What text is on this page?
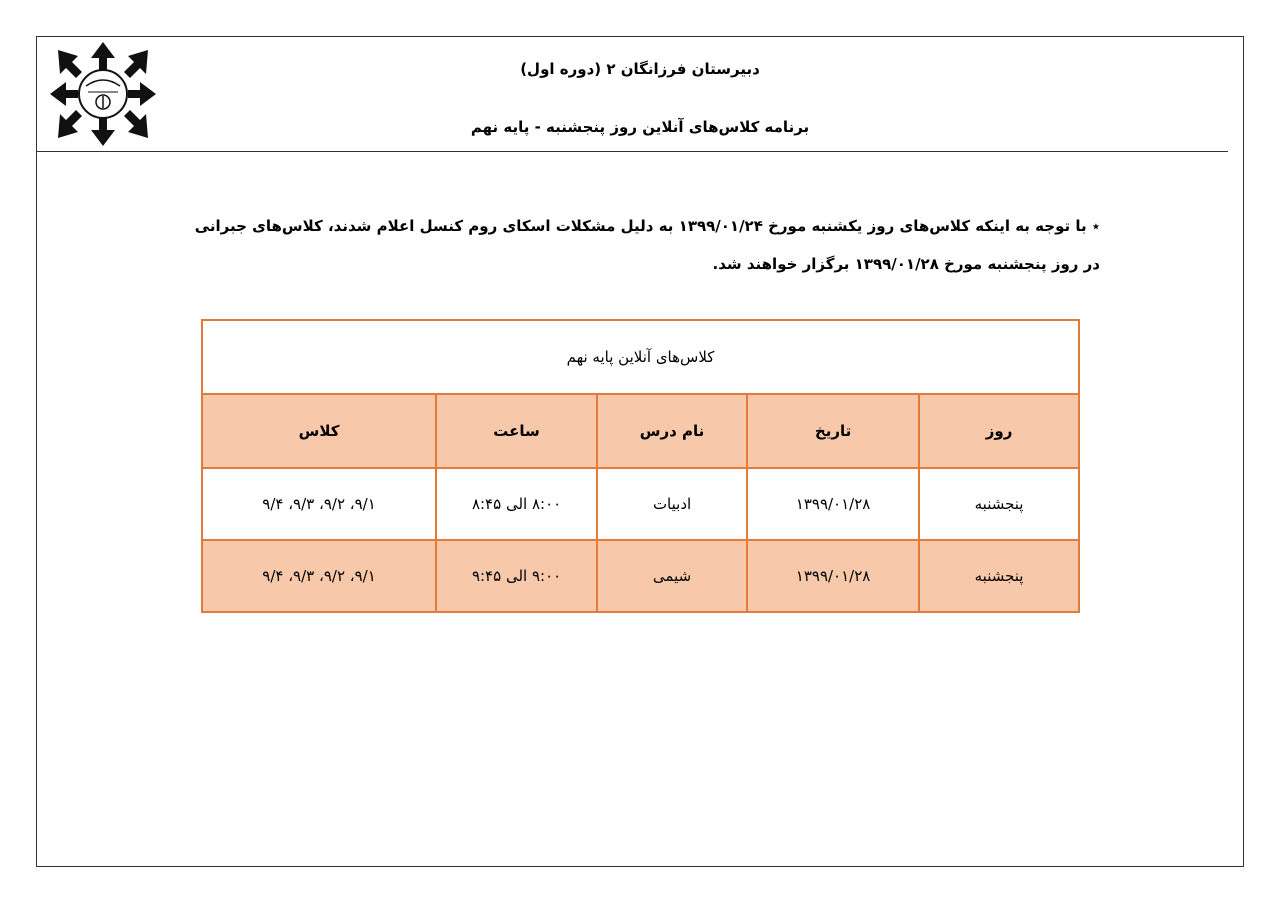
دبیرستان فرزانگان ۲ (دوره اول)
برنامه کلاس‌های آنلاین روز پنجشنبه - پایه نهم

٭ با توجه به اینکه کلاس‌های روز یکشنبه مورخ ۱۳۹۹/۰۱/۲۴ به دلیل مشکلات اسکای روم کنسل اعلام شدند، کلاس‌های جبرانی

در روز پنجشنبه مورخ ۱۳۹۹/۰۱/۲۸ برگزار خواهند شد.

کلاس‌های آنلاین پایه نهم				
روز	تاریخ	نام درس	ساعت	کلاس
پنجشنبه	۱۳۹۹/۰۱/۲۸	ادبیات	۸:۰۰ الی ۸:۴۵	۹/۱، ۹/۲، ۹/۳، ۹/۴
پنجشنبه	۱۳۹۹/۰۱/۲۸	شیمی	۹:۰۰ الی ۹:۴۵	۹/۱، ۹/۲، ۹/۳، ۹/۴
